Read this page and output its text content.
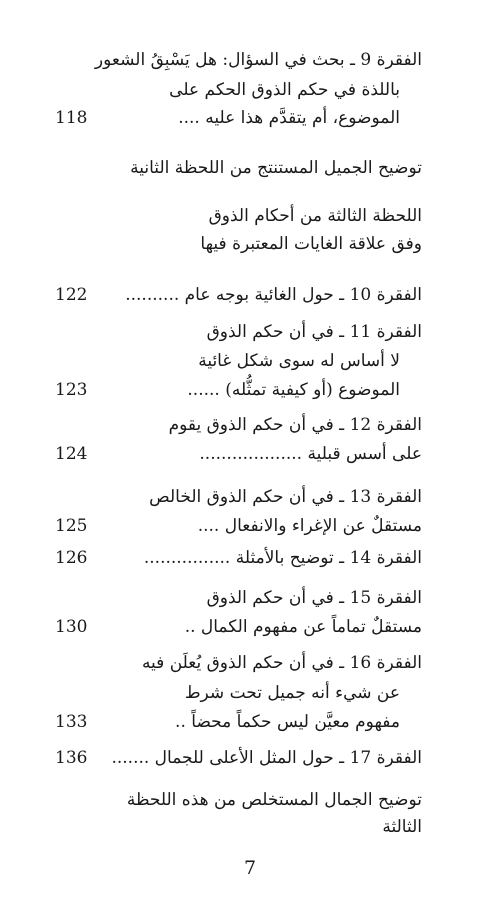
الفقرة 9 ـ بحث في السؤال: هل يَسْبِقُ الشعور
باللذة في حكم الذوق الحكم على
الموضوع، أم يتقدَّم هذا عليه ....
118
توضيح الجميل المستنتج من اللحظة الثانية
اللحظة الثالثة من أحكام الذوق
وفق علاقة الغايات المعتبرة فيها
الفقرة 10 ـ حول الغائية بوجه عام ..........
122
الفقرة 11 ـ في أن حكم الذوق
لا أساس له سوى شكل غائية
الموضوع (أو كيفية تمثُّله) ......
123
الفقرة 12 ـ في أن حكم الذوق يقوم
على أسس قبلية ...................
124
الفقرة 13 ـ في أن حكم الذوق الخالص
مستقلٌ عن الإغراء والانفعال ....
125
الفقرة 14 ـ توضيح بالأمثلة ................
126
الفقرة 15 ـ في أن حكم الذوق
مستقلٌ تماماً عن مفهوم الكمال ..
130
الفقرة 16 ـ في أن حكم الذوق يُعلَن فيه
عن شيء أنه جميل تحت شرط
مفهوم معيَّن ليس حكماً محضاً ..
133
الفقرة 17 ـ حول المثل الأعلى للجمال .......
136
توضيح الجمال المستخلص من هذه اللحظة
الثالثة
7
